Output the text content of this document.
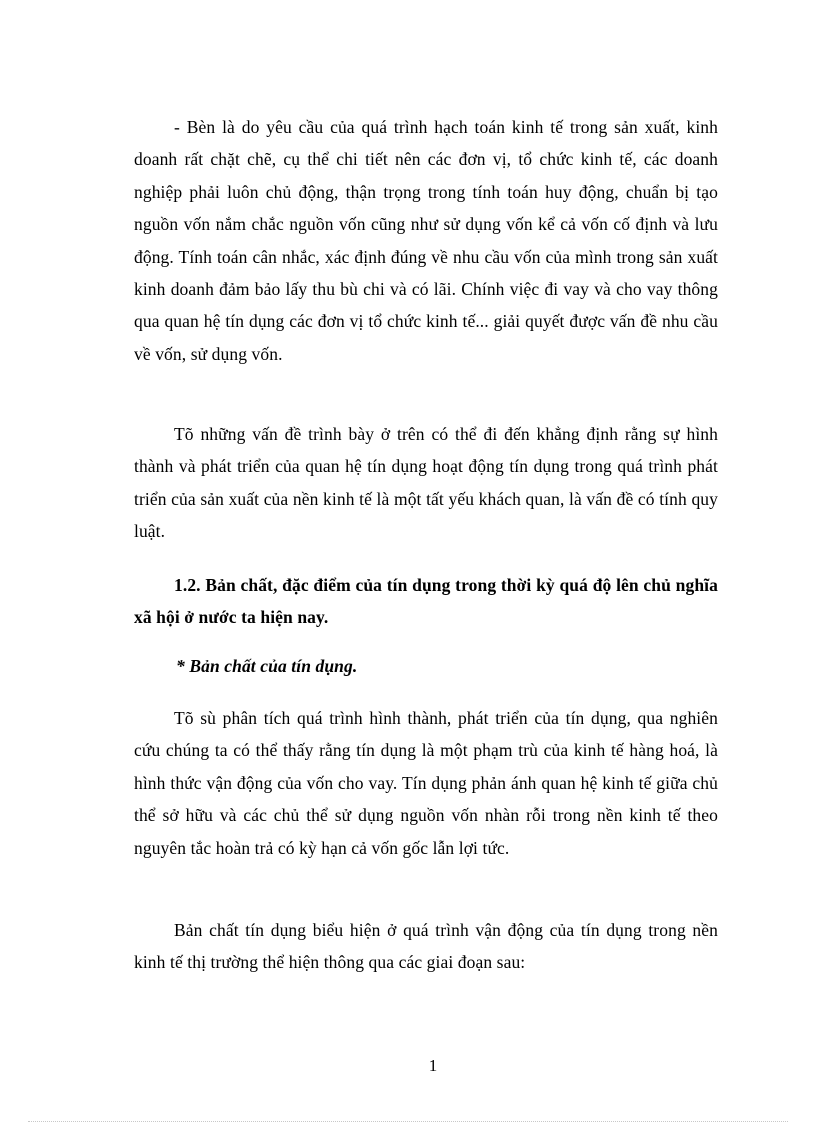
- Bèn là do yêu cầu của quá trình hạch toán kinh tế trong sản xuất, kinh doanh rất chặt chẽ, cụ thể chi tiết nên các đơn vị, tổ chức kinh tế, các doanh nghiệp phải luôn chủ động, thận trọng trong tính toán huy động, chuẩn bị tạo nguồn vốn nắm chắc nguồn vốn cũng như sử dụng vốn kể cả vốn cố định và lưu động. Tính toán cân nhắc, xác định đúng về nhu cầu vốn của mình trong sản xuất kinh doanh đảm bảo lấy thu bù chi và có lãi. Chính việc đi vay và cho vay thông qua quan hệ tín dụng các đơn vị tổ chức kinh tế... giải quyết được vấn đề nhu cầu về vốn, sử dụng vốn.

Tõ những vấn đề trình bày ở trên có thể đi đến khẳng định rằng sự hình thành và phát triển của quan hệ tín dụng hoạt động tín dụng trong quá trình phát triển của sản xuất của nền kinh tế là một tất yếu khách quan, là vấn đề có tính quy luật.

1.2. Bản chất, đặc điểm của tín dụng trong thời kỳ quá độ lên chủ nghĩa xã hội ở nước ta hiện nay.

* Bản chất của tín dụng.

Tõ sù phân tích quá trình hình thành, phát triển của tín dụng, qua nghiên cứu chúng ta có thể thấy rằng tín dụng là một phạm trù của kinh tế hàng hoá, là hình thức vận động của vốn cho vay. Tín dụng phản ánh quan hệ kinh tế giữa chủ thể sở hữu và các chủ thể sử dụng nguồn vốn nhàn rỗi trong nền kinh tế theo nguyên tắc hoàn trả có kỳ hạn cả vốn gốc lẫn lợi tức.

Bản chất tín dụng biểu hiện ở quá trình vận động của tín dụng trong nền kinh tế thị trường thể hiện thông qua các giai đoạn sau:

1
